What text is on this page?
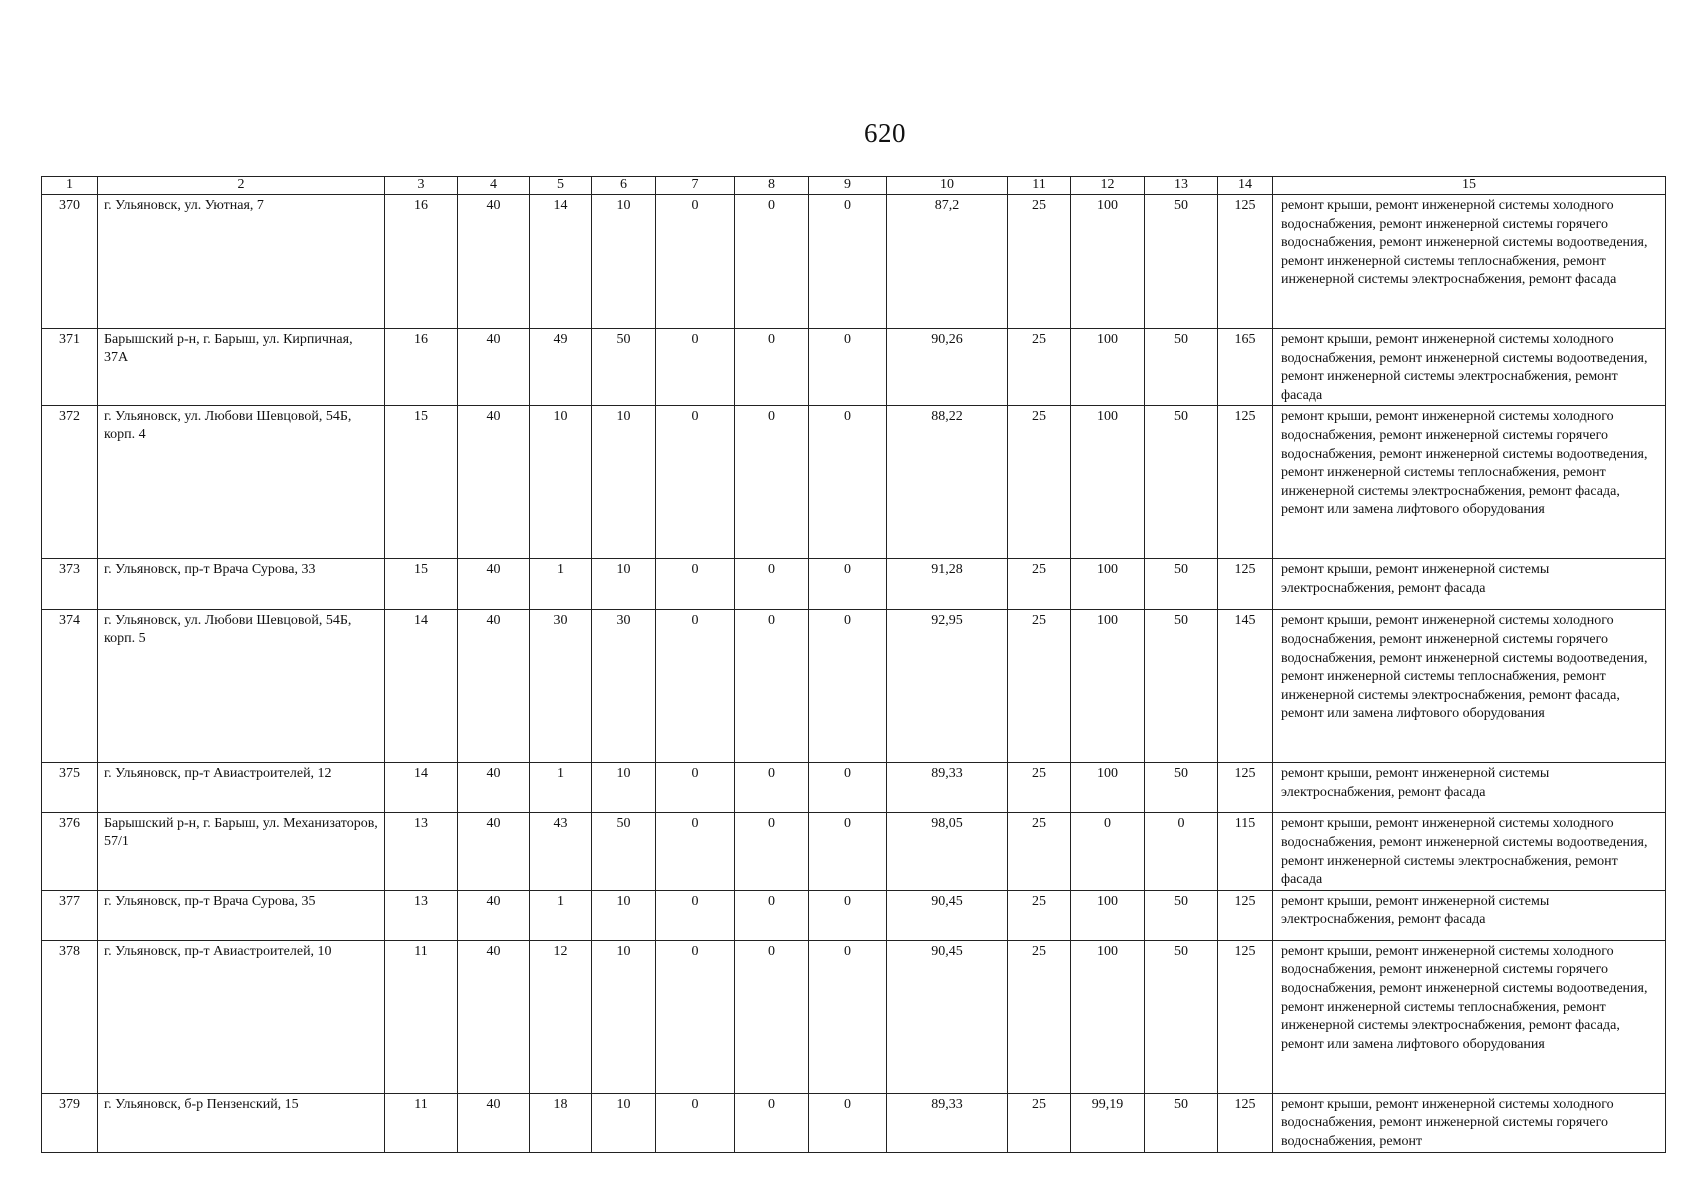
620
1	2	3	4	5	6	7	8	9	10	11	12	13	14	15
370	г. Ульяновск, ул. Уютная, 7	16	40	14	10	0	0	0	87,2	25	100	50	125	ремонт крыши, ремонт инженерной системы холодного водоснабжения, ремонт инженерной системы горячего водоснабжения, ремонт инженерной системы водоотведения, ремонт инженерной системы теплоснабжения, ремонт инженерной системы электроснабжения, ремонт фасада
371	Барышский р-н, г. Барыш, ул. Кирпичная, 37А	16	40	49	50	0	0	0	90,26	25	100	50	165	ремонт крыши, ремонт инженерной системы холодного водоснабжения, ремонт инженерной системы водоотведения, ремонт инженерной системы электроснабжения, ремонт фасада
372	г. Ульяновск, ул. Любови Шевцовой, 54Б, корп. 4	15	40	10	10	0	0	0	88,22	25	100	50	125	ремонт крыши, ремонт инженерной системы холодного водоснабжения, ремонт инженерной системы горячего водоснабжения, ремонт инженерной системы водоотведения, ремонт инженерной системы теплоснабжения, ремонт инженерной системы электроснабжения, ремонт фасада, ремонт или замена лифтового оборудования
373	г. Ульяновск, пр-т Врача Сурова, 33	15	40	1	10	0	0	0	91,28	25	100	50	125	ремонт крыши, ремонт инженерной системы электроснабжения, ремонт фасада
374	г. Ульяновск, ул. Любови Шевцовой, 54Б, корп. 5	14	40	30	30	0	0	0	92,95	25	100	50	145	ремонт крыши, ремонт инженерной системы холодного водоснабжения, ремонт инженерной системы горячего водоснабжения, ремонт инженерной системы водоотведения, ремонт инженерной системы теплоснабжения, ремонт инженерной системы электроснабжения, ремонт фасада, ремонт или замена лифтового оборудования
375	г. Ульяновск, пр-т Авиастроителей, 12	14	40	1	10	0	0	0	89,33	25	100	50	125	ремонт крыши, ремонт инженерной системы электроснабжения, ремонт фасада
376	Барышский р-н, г. Барыш, ул. Механизаторов, 57/1	13	40	43	50	0	0	0	98,05	25	0	0	115	ремонт крыши, ремонт инженерной системы холодного водоснабжения, ремонт инженерной системы водоотведения, ремонт инженерной системы электроснабжения, ремонт фасада
377	г. Ульяновск, пр-т Врача Сурова, 35	13	40	1	10	0	0	0	90,45	25	100	50	125	ремонт крыши, ремонт инженерной системы электроснабжения, ремонт фасада
378	г. Ульяновск, пр-т Авиастроителей, 10	11	40	12	10	0	0	0	90,45	25	100	50	125	ремонт крыши, ремонт инженерной системы холодного водоснабжения, ремонт инженерной системы горячего водоснабжения, ремонт инженерной системы водоотведения, ремонт инженерной системы теплоснабжения, ремонт инженерной системы электроснабжения, ремонт фасада, ремонт или замена лифтового оборудования
379	г. Ульяновск, б-р Пензенский, 15	11	40	18	10	0	0	0	89,33	25	99,19	50	125	ремонт крыши, ремонт инженерной системы холодного водоснабжения, ремонт инженерной системы горячего водоснабжения, ремонт
